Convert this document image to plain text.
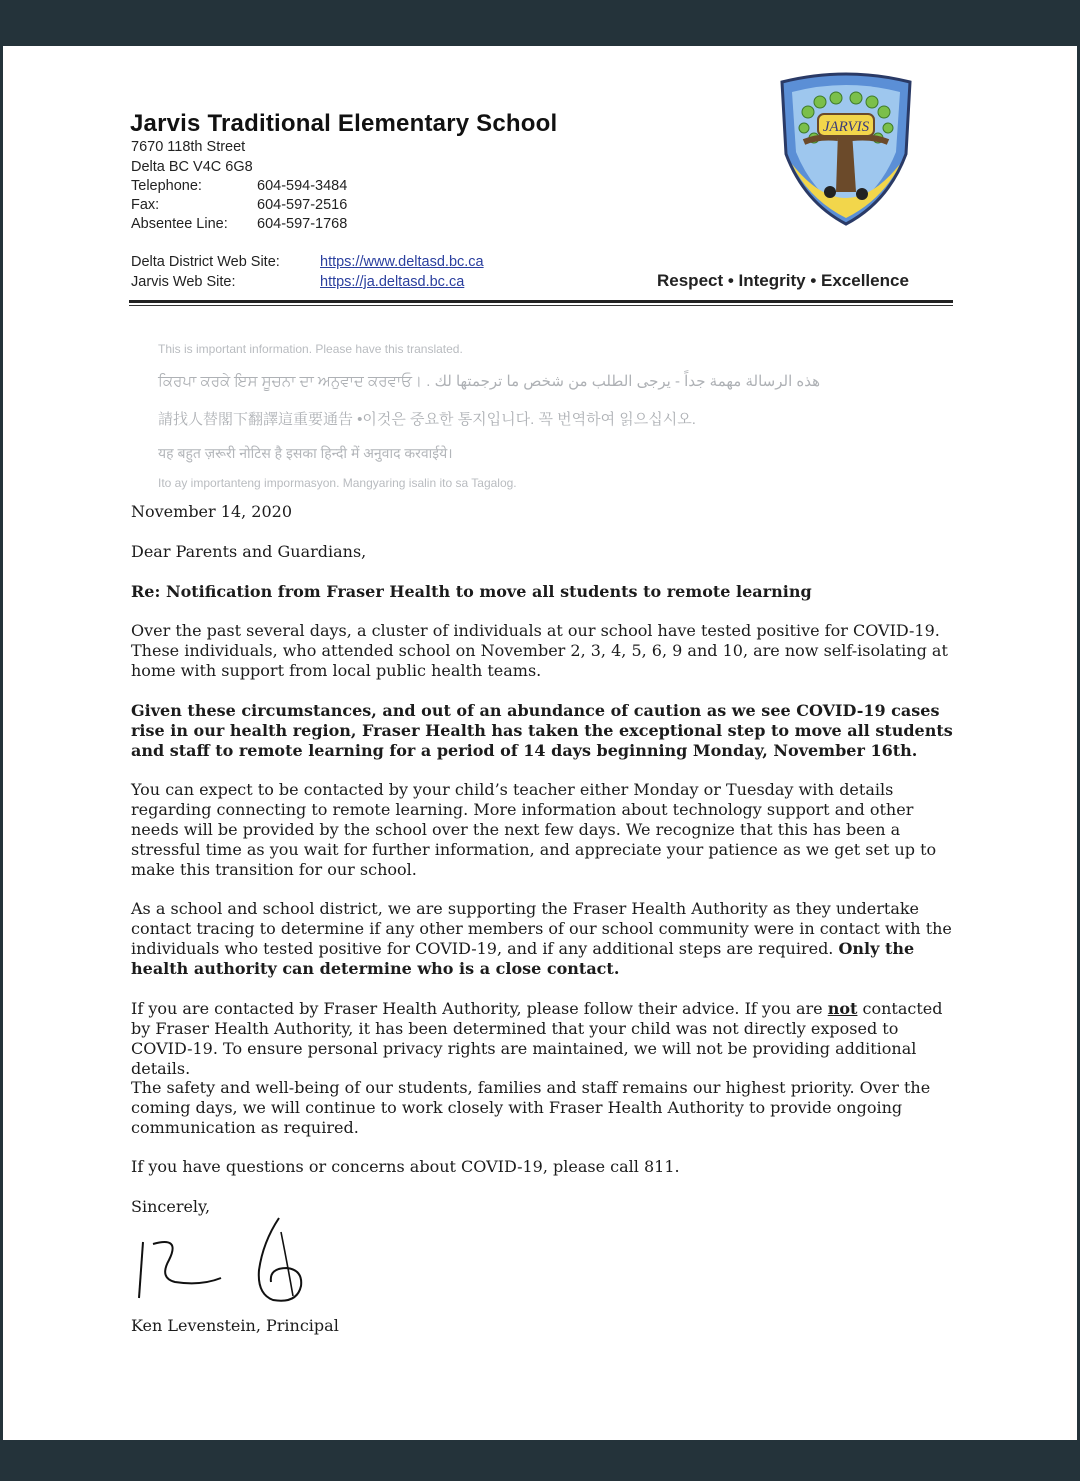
Jarvis Traditional Elementary School
7670 118th Street
Delta BC V4C 6G8
Telephone:	604-594-3484
Fax:	604-597-2516
Absentee Line: 604-597-1768
Delta District Web Site:	https://www.deltasd.bc.ca
Jarvis Web Site:	https://ja.deltasd.bc.ca	Respect • Integrity • Excellence
JARVIS
This is important information. Please have this translated.
ਕਿਰਪਾ ਕਰਕੇ ਇਸ ਸੂਚਨਾ ਦਾ ਅਨੁਵਾਦ ਕਰਵਾਓ। . هذه الرسالة مهمة جداً - يرجى الطلب من شخص ما ترجمتها لك
請找人替閣下翻譯這重要通告 •이것은 중요한 통지입니다. 꼭 번역하여 읽으십시오.
यह बहुत ज़रूरी नोटिस है इसका हिन्दी में अनुवाद करवाईये।
Ito ay importanteng impormasyon. Mangyaring isalin ito sa Tagalog.
November 14, 2020
Dear Parents and Guardians,
Re: Notification from Fraser Health to move all students to remote learning

Over the past several days, a cluster of individuals at our school have tested positive for COVID-19. These individuals, who attended school on November 2, 3, 4, 5, 6, 9 and 10, are now self-isolating at home with support from local public health teams.

Given these circumstances, and out of an abundance of caution as we see COVID-19 cases rise in our health region, Fraser Health has taken the exceptional step to move all students and staff to remote learning for a period of 14 days beginning Monday, November 16th.

You can expect to be contacted by your child’s teacher either Monday or Tuesday with details regarding connecting to remote learning. More information about technology support and other needs will be provided by the school over the next few days. We recognize that this has been a stressful time as you wait for further information, and appreciate your patience as we get set up to make this transition for our school.

As a school and school district, we are supporting the Fraser Health Authority as they undertake contact tracing to determine if any other members of our school community were in contact with the individuals who tested positive for COVID-19, and if any additional steps are required. Only the health authority can determine who is a close contact.

If you are contacted by Fraser Health Authority, please follow their advice. If you are not contacted by Fraser Health Authority, it has been determined that your child was not directly exposed to COVID-19. To ensure personal privacy rights are maintained, we will not be providing additional details.

The safety and well-being of our students, families and staff remains our highest priority. Over the coming days, we will continue to work closely with Fraser Health Authority to provide ongoing communication as required.

If you have questions or concerns about COVID-19, please call 811.

Sincerely,
Ken Levenstein, Principal
